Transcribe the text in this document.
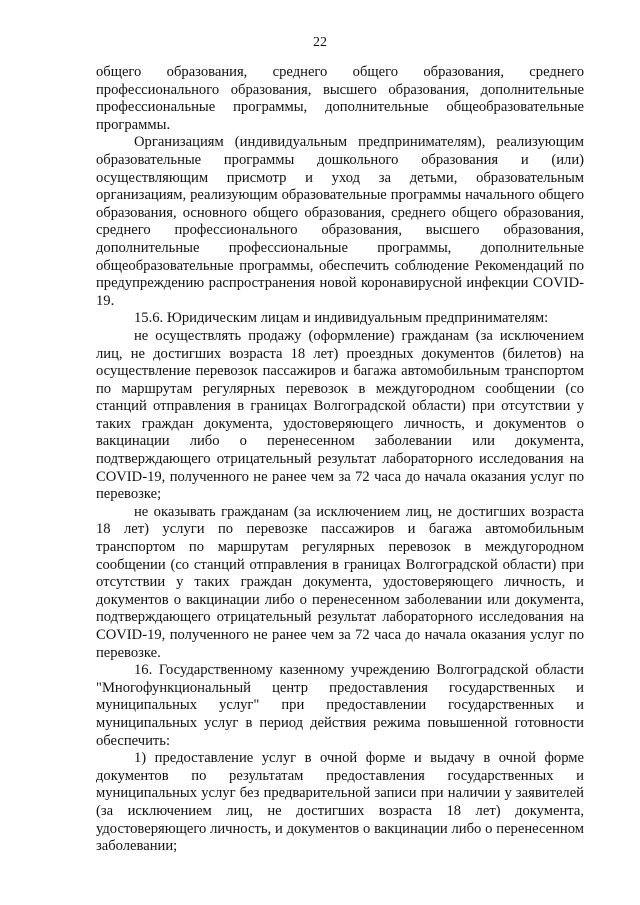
22

общего образования, среднего общего образования, среднего профессионального образования, высшего образования, дополнительные профессиональные программы, дополнительные общеобразовательные программы.

Организациям (индивидуальным предпринимателям), реализующим образовательные программы дошкольного образования и (или) осуществляющим присмотр и уход за детьми, образовательным организациям, реализующим образовательные программы начального общего образования, основного общего образования, среднего общего образования, среднего профессионального образования, высшего образования, дополнительные профессиональные программы, дополнительные общеобразовательные программы, обеспечить соблюдение Рекомендаций по предупреждению распространения новой коронавирусной инфекции COVID-19.

15.6. Юридическим лицам и индивидуальным предпринимателям:

не осуществлять продажу (оформление) гражданам (за исключением лиц, не достигших возраста 18 лет) проездных документов (билетов) на осуществление перевозок пассажиров и багажа автомобильным транспортом по маршрутам регулярных перевозок в междугородном сообщении (со станций отправления в границах Волгоградской области) при отсутствии у таких граждан документа, удостоверяющего личность, и документов о вакцинации либо о перенесенном заболевании или документа, подтверждающего отрицательный результат лабораторного исследования на COVID-19, полученного не ранее чем за 72 часа до начала оказания услуг по перевозке;

не оказывать гражданам (за исключением лиц, не достигших возраста 18 лет) услуги по перевозке пассажиров и багажа автомобильным транспортом по маршрутам регулярных перевозок в междугородном сообщении (со станций отправления в границах Волгоградской области) при отсутствии у таких граждан документа, удостоверяющего личность, и документов о вакцинации либо о перенесенном заболевании или документа, подтверждающего отрицательный результат лабораторного исследования на COVID-19, полученного не ранее чем за 72 часа до начала оказания услуг по перевозке.

16. Государственному казенному учреждению Волгоградской области "Многофункциональный центр предоставления государственных и муниципальных услуг" при предоставлении государственных и муниципальных услуг в период действия режима повышенной готовности обеспечить:

1) предоставление услуг в очной форме и выдачу в очной форме документов по результатам предоставления государственных и муниципальных услуг без предварительной записи при наличии у заявителей (за исключением лиц, не достигших возраста 18 лет) документа, удостоверяющего личность, и документов о вакцинации либо о перенесенном заболевании;
